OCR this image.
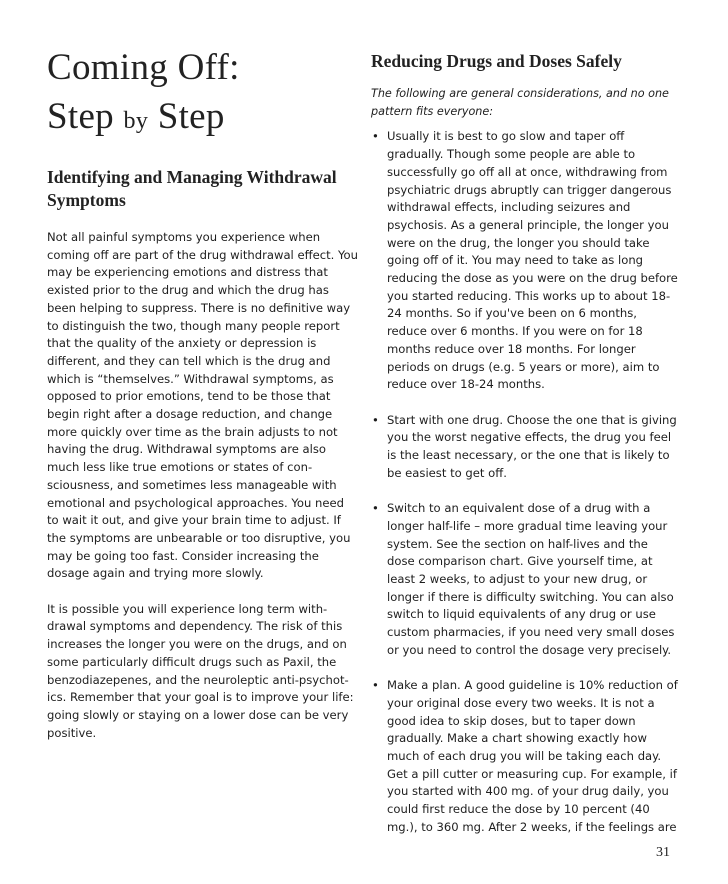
Coming Off:
Step by Step
Identifying and Managing Withdrawal Symptoms

Not all painful symptoms you experience when coming off are part of the drug withdrawal effect. You may be experiencing emotions and distress that existed prior to the drug and which the drug has been helping to suppress. There is no definitive way to distinguish the two, though many people report that the quality of the anxiety or depression is different, and they can tell which is the drug and which is “themselves.” Withdrawal symptoms, as opposed to prior emotions, tend to be those that begin right after a dosage reduction, and change more quickly over time as the brain adjusts to not having the drug. Withdrawal symptoms are also much less like true emotions or states of con-sciousness, and sometimes less manageable with emotional and psychological approaches. You need to wait it out, and give your brain time to adjust. If the symptoms are unbearable or too disruptive, you may be going too fast. Consider increasing the dosage again and trying more slowly.

It is possible you will experience long term with-drawal symptoms and dependency. The risk of this increases the longer you were on the drugs, and on some particularly difficult drugs such as Paxil, the benzodiazepenes, and the neuroleptic anti-psychot-ics. Remember that your goal is to improve your life: going slowly or staying on a lower dose can be very positive.

Reducing Drugs and Doses Safely

The following are general considerations, and no one pattern fits everyone:

• Usually it is best to go slow and taper off gradually. Though some people are able to successfully go off all at once, withdrawing from psychiatric drugs abruptly can trigger dangerous withdrawal effects, including seizures and psychosis. As a general principle, the longer you were on the drug, the longer you should take going off of it. You may need to take as long reducing the dose as you were on the drug before you started reducing. This works up to about 18-24 months. So if you've been on 6 months, reduce over 6 months. If you were on for 18 months reduce over 18 months. For longer periods on drugs (e.g. 5 years or more), aim to reduce over 18-24 months.
• Start with one drug. Choose the one that is giving you the worst negative effects, the drug you feel is the least necessary, or the one that is likely to be easiest to get off.
• Switch to an equivalent dose of a drug with a longer half-life – more gradual time leaving your system. See the section on half-lives and the dose comparison chart. Give yourself time, at least 2 weeks, to adjust to your new drug, or longer if there is difficulty switching. You can also switch to liquid equivalents of any drug or use custom pharmacies, if you need very small doses or you need to control the dosage very precisely.
• Make a plan. A good guideline is 10% reduction of your original dose every two weeks. It is not a good idea to skip doses, but to taper down gradually. Make a chart showing exactly how much of each drug you will be taking each day. Get a pill cutter or measuring cup. For example, if you started with 400 mg. of your drug daily, you could first reduce the dose by 10 percent (40 mg.), to 360 mg. After 2 weeks, if the feelings are
31
